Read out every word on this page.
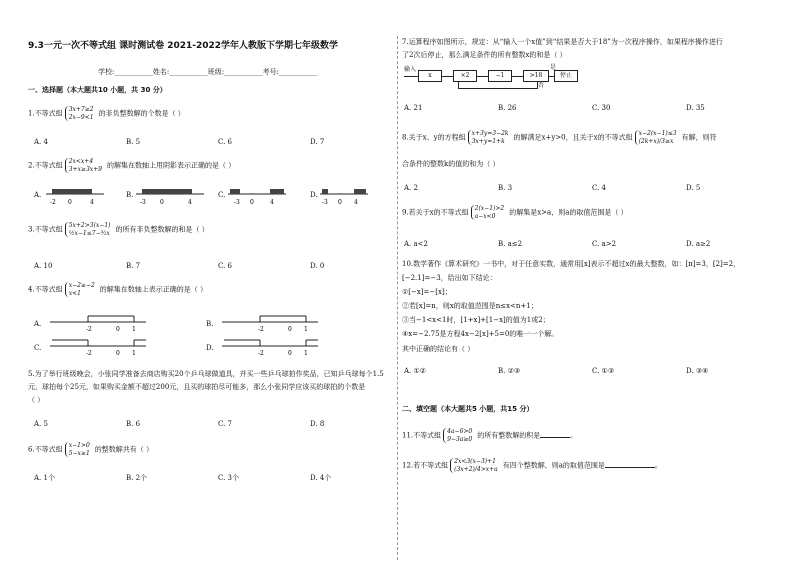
9.3一元一次不等式组 课时测试卷 2021-2022学年人教版下学期七年级数学
学校:___________姓名:___________班级:___________考号:___________
一、选择题（本大题共10 小题，共 30 分）
1.不等式组 3x+7≥2
2x−9<1 的非负整数解的个数是（ ）
A. 4	B. 5	C. 6	D. 7
2.不等式组 2x<x+4
3+x≥3x+9 的解集在数轴上用阴影表示正确的是（ ）
A.
-2 0	4
B.
-3 0	4
C.
-3 0	4
D.
-3 0 4
3.不等式组 5x+2>3(x−1)
½x−1≤7−³⁄₂x 的所有非负整数解的和是（ ）
A. 10	B. 7	C. 6	D. 0
4.不等式组 x−2≥−2
x<1	的解集在数轴上表示正确的是（ ）
A.
-2	0 1
B.
-2	0 1
C.
-2	0 1
D.
-2	0 1
5.为了举行班级晚会，小张同学准备去商店购买20个乒乓球做道具，并买一些乒乓球拍作奖品，已知乒乓球每个1.5
元，球拍每个25元，如果购买金额不超过200元，且买的球拍尽可能多，那么小张同学应该买的球拍的个数是
（ ）
A. 5	B. 6	C. 7	D. 8
6.不等式组 x−1>0
5−x≥1 的整数解共有（ ）
A. 1个	B. 2个	C. 3个	D. 4个
7.运算程序如图所示，规定：从“输入一个x值”到“结果是否大于18”为一次程序操作，如果程序操作进行
了2次后停止，那么满足条件的所有整数x的和是（ ）
输入
x	×2	−1	>18
是
停止
否
A. 21	B. 26	C. 30	D. 35
8.关于x、y的方程组 x+3y=3−2k
3x+y=1+k	的解满足x+y>0，且关于x的不等式组 x−2(x−1)≤3
(2k+x)/3≥x	有解，则符
合条件的整数k的值的和为（ ）
A. 2	B. 3	C. 4	D. 5
9.若关于x的不等式组 2(x−1)>2
a−x<0	的解集是x>a，则a的取值范围是（ ）
A. a<2	B. a≤2	C. a>2	D. a≥2
10.数学著作《算术研究》一书中，对于任意实数，通常用[x]表示不超过x的最大整数，如：[π]=3，[2]=2，
[−2.1]=−3，给出如下结论：
①[−x]=−[x]；
②若[x]=n，则x的取值范围是n≤x<n+1；
③当−1<x<1时，[1+x]+[1−x]的值为1或2；
④x=−2.75是方程4x−2[x]+5=0的唯一一个解。
其中正确的结论有（ ）
A. ①②	B. ②③	C. ①③	D. ③④
二、填空题（本大题共5 小题，共15 分）
11.不等式组 4a−6>0
9−3a≥0 的所有整数解的积是	。
12.若不等式组 2x<3(x−3)+1
(3x+2)/4>x+a 有四个整数解，则a的取值范围是	。
